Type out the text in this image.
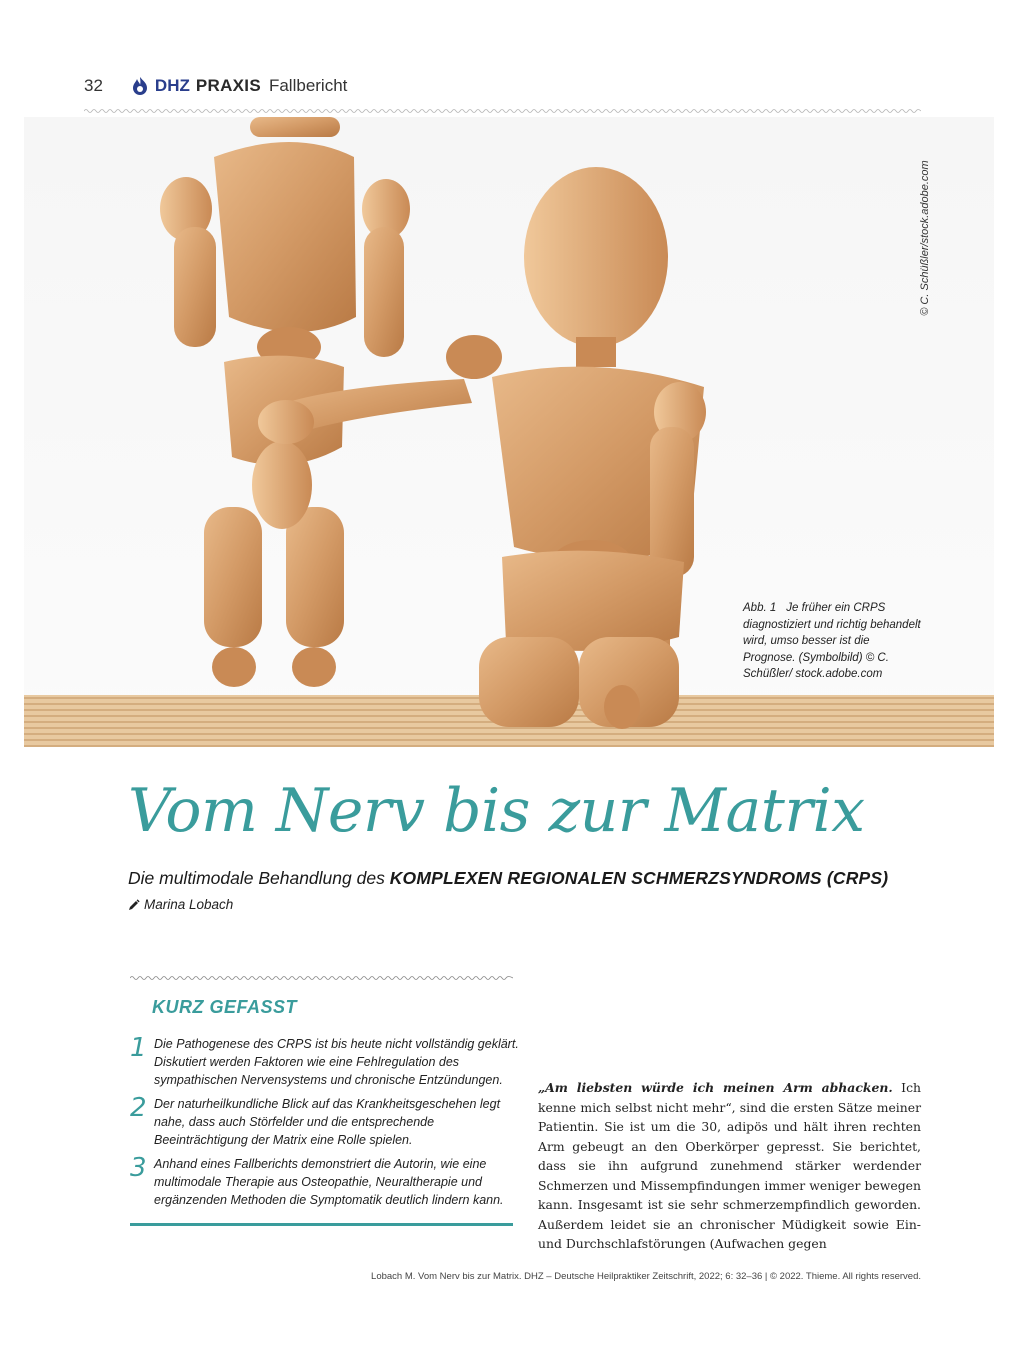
32	DHZ PRAXIS Fallbericht
© C. Schüßler/stock.adobe.com
Abb. 1 Je früher ein CRPS diagnostiziert und richtig behandelt wird, umso besser ist die Prognose. (Symbolbild) © C. Schüßler/ stock.adobe.com
Vom Nerv bis zur Matrix
Die multimodale Behandlung des KOMPLEXEN REGIONALEN SCHMERZSYNDROMS (CRPS)
Marina Lobach
KURZ GEFASST
1 Die Pathogenese des CRPS ist bis heute nicht vollständig geklärt. Diskutiert werden Faktoren wie eine Fehlregulation des sympathischen Nervensystems und chronische Entzündungen.
2 Der naturheilkundliche Blick auf das Krankheitsgeschehen legt nahe, dass auch Störfelder und die entsprechende Beeinträchtigung der Matrix eine Rolle spielen.
3 Anhand eines Fallberichts demonstriert die Autorin, wie eine multimodale Therapie aus Osteopathie, Neuraltherapie und ergänzenden Methoden die Symptomatik deutlich lindern kann.
„Am liebsten würde ich meinen Arm abhacken. Ich kenne mich selbst nicht mehr“, sind die ersten Sätze meiner Patientin. Sie ist um die 30, adipös und hält ihren rechten Arm gebeugt an den Oberkörper gepresst. Sie berichtet, dass sie ihn aufgrund zunehmend stärker werdender Schmerzen und Missempfindungen immer weniger bewegen kann. Insgesamt ist sie sehr schmerzempfindlich geworden. Außerdem leidet sie an chronischer Müdigkeit sowie Ein- und Durchschlafstörungen (Aufwachen gegen
Lobach M. Vom Nerv bis zur Matrix. DHZ – Deutsche Heilpraktiker Zeitschrift, 2022; 6: 32–36 | © 2022. Thieme. All rights reserved.
